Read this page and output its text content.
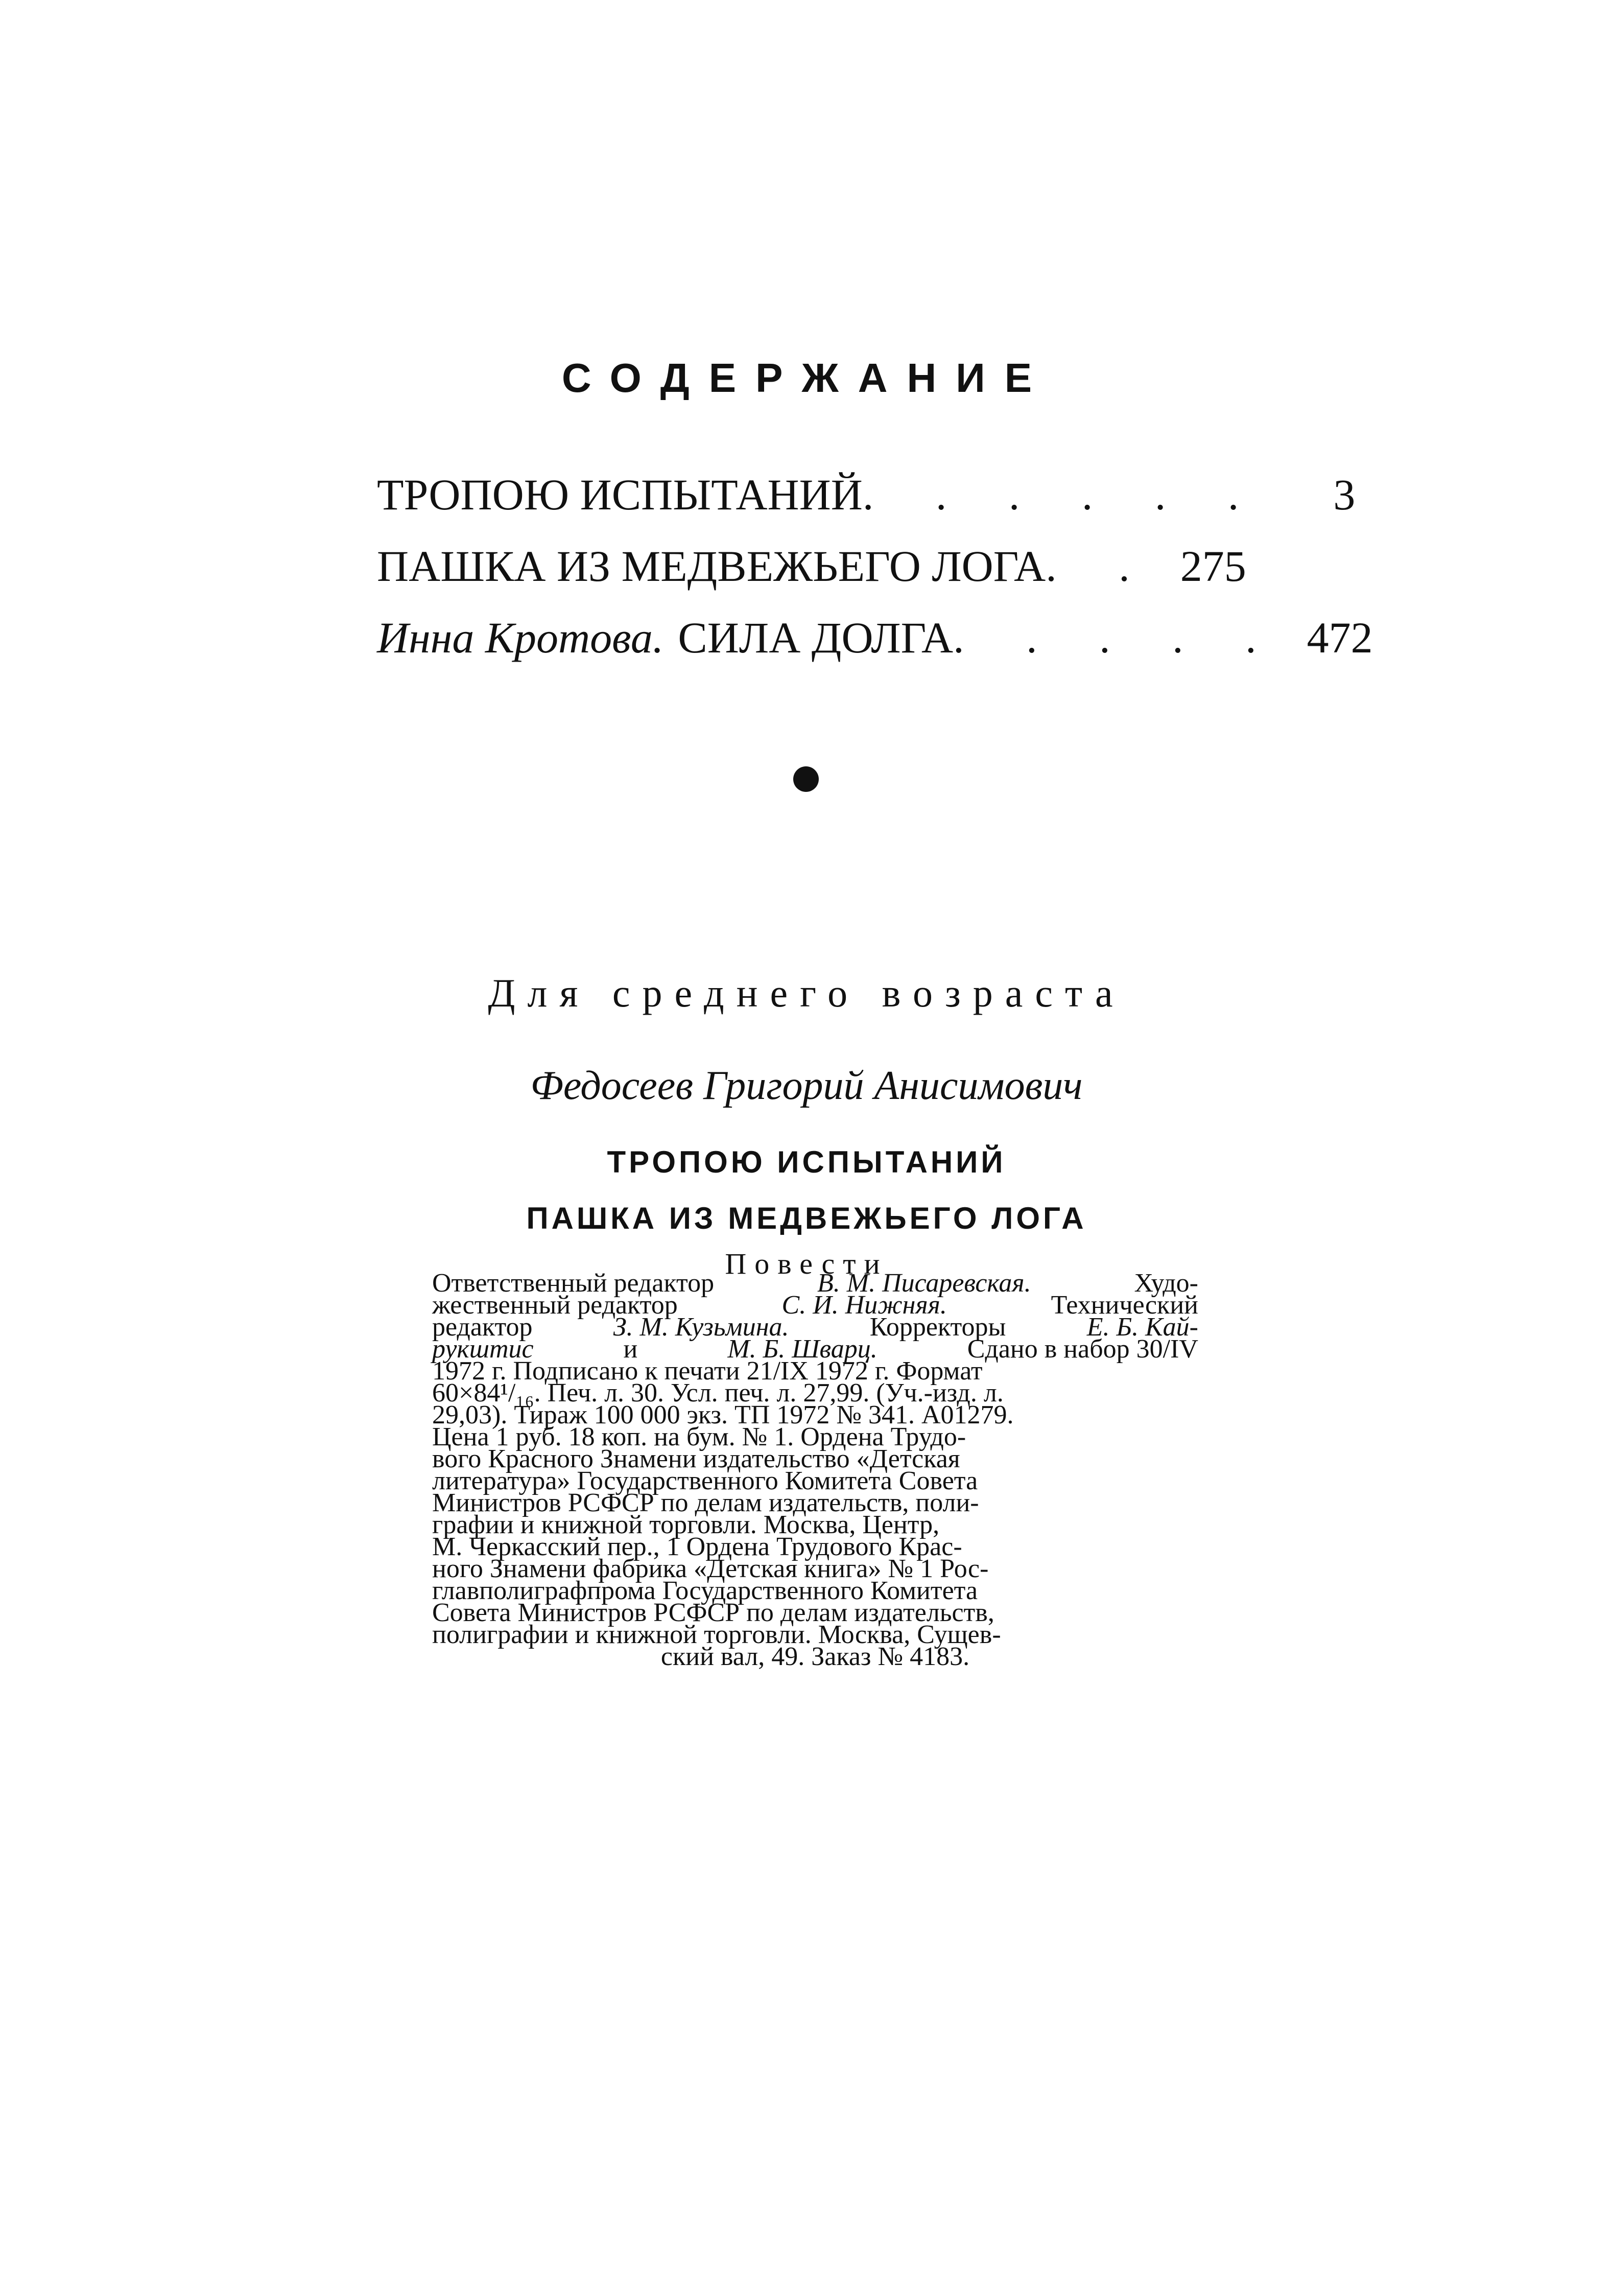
СОДЕРЖАНИЕ
ТРОПОЮ ИСПЫТАНИЙ . . . . . .	3
ПАШКА ИЗ МЕДВЕЖЬЕГО ЛОГА . . 275
Инна Кротова. СИЛА ДОЛГА . . . . . 472
Для среднего возраста
Федосеев Григорий Анисимович
ТРОПОЮ ИСПЫТАНИЙ
ПАШКА ИЗ МЕДВЕЖЬЕГО ЛОГА
Повести
Ответственный редактор	В. М. Писаревская.	Худо-
жественный редактор	С. И. Нижняя.	Технический
редактор	З. М. Кузьмина.	Корректоры	Е. Б. Кай-
рукштис	и	М. Б. Шварц.	Сдано в набор 30/IV
1972 г. Подписано к печати 21/IX 1972 г. Формат
60×84¹/₁₆. Печ. л. 30. Усл. печ. л. 27,99. (Уч.-изд. л.
29,03). Тираж 100 000 экз. ТП 1972 № 341. А01279.
Цена 1 руб. 18 коп. на бум. № 1. Ордена Трудо-
вого Красного Знамени издательство «Детская
литература» Государственного Комитета Совета
Министров РСФСР по делам издательств, поли-
графии и книжной торговли. Москва, Центр,
М. Черкасский пер., 1 Ордена Трудового Крас-
ного Знамени фабрика «Детская книга» № 1 Рос-
главполиграфпрома Государственного Комитета
Совета Министров РСФСР по делам издательств,
полиграфии и книжной торговли. Москва, Сущев-
ский вал, 49. Заказ № 4183.
